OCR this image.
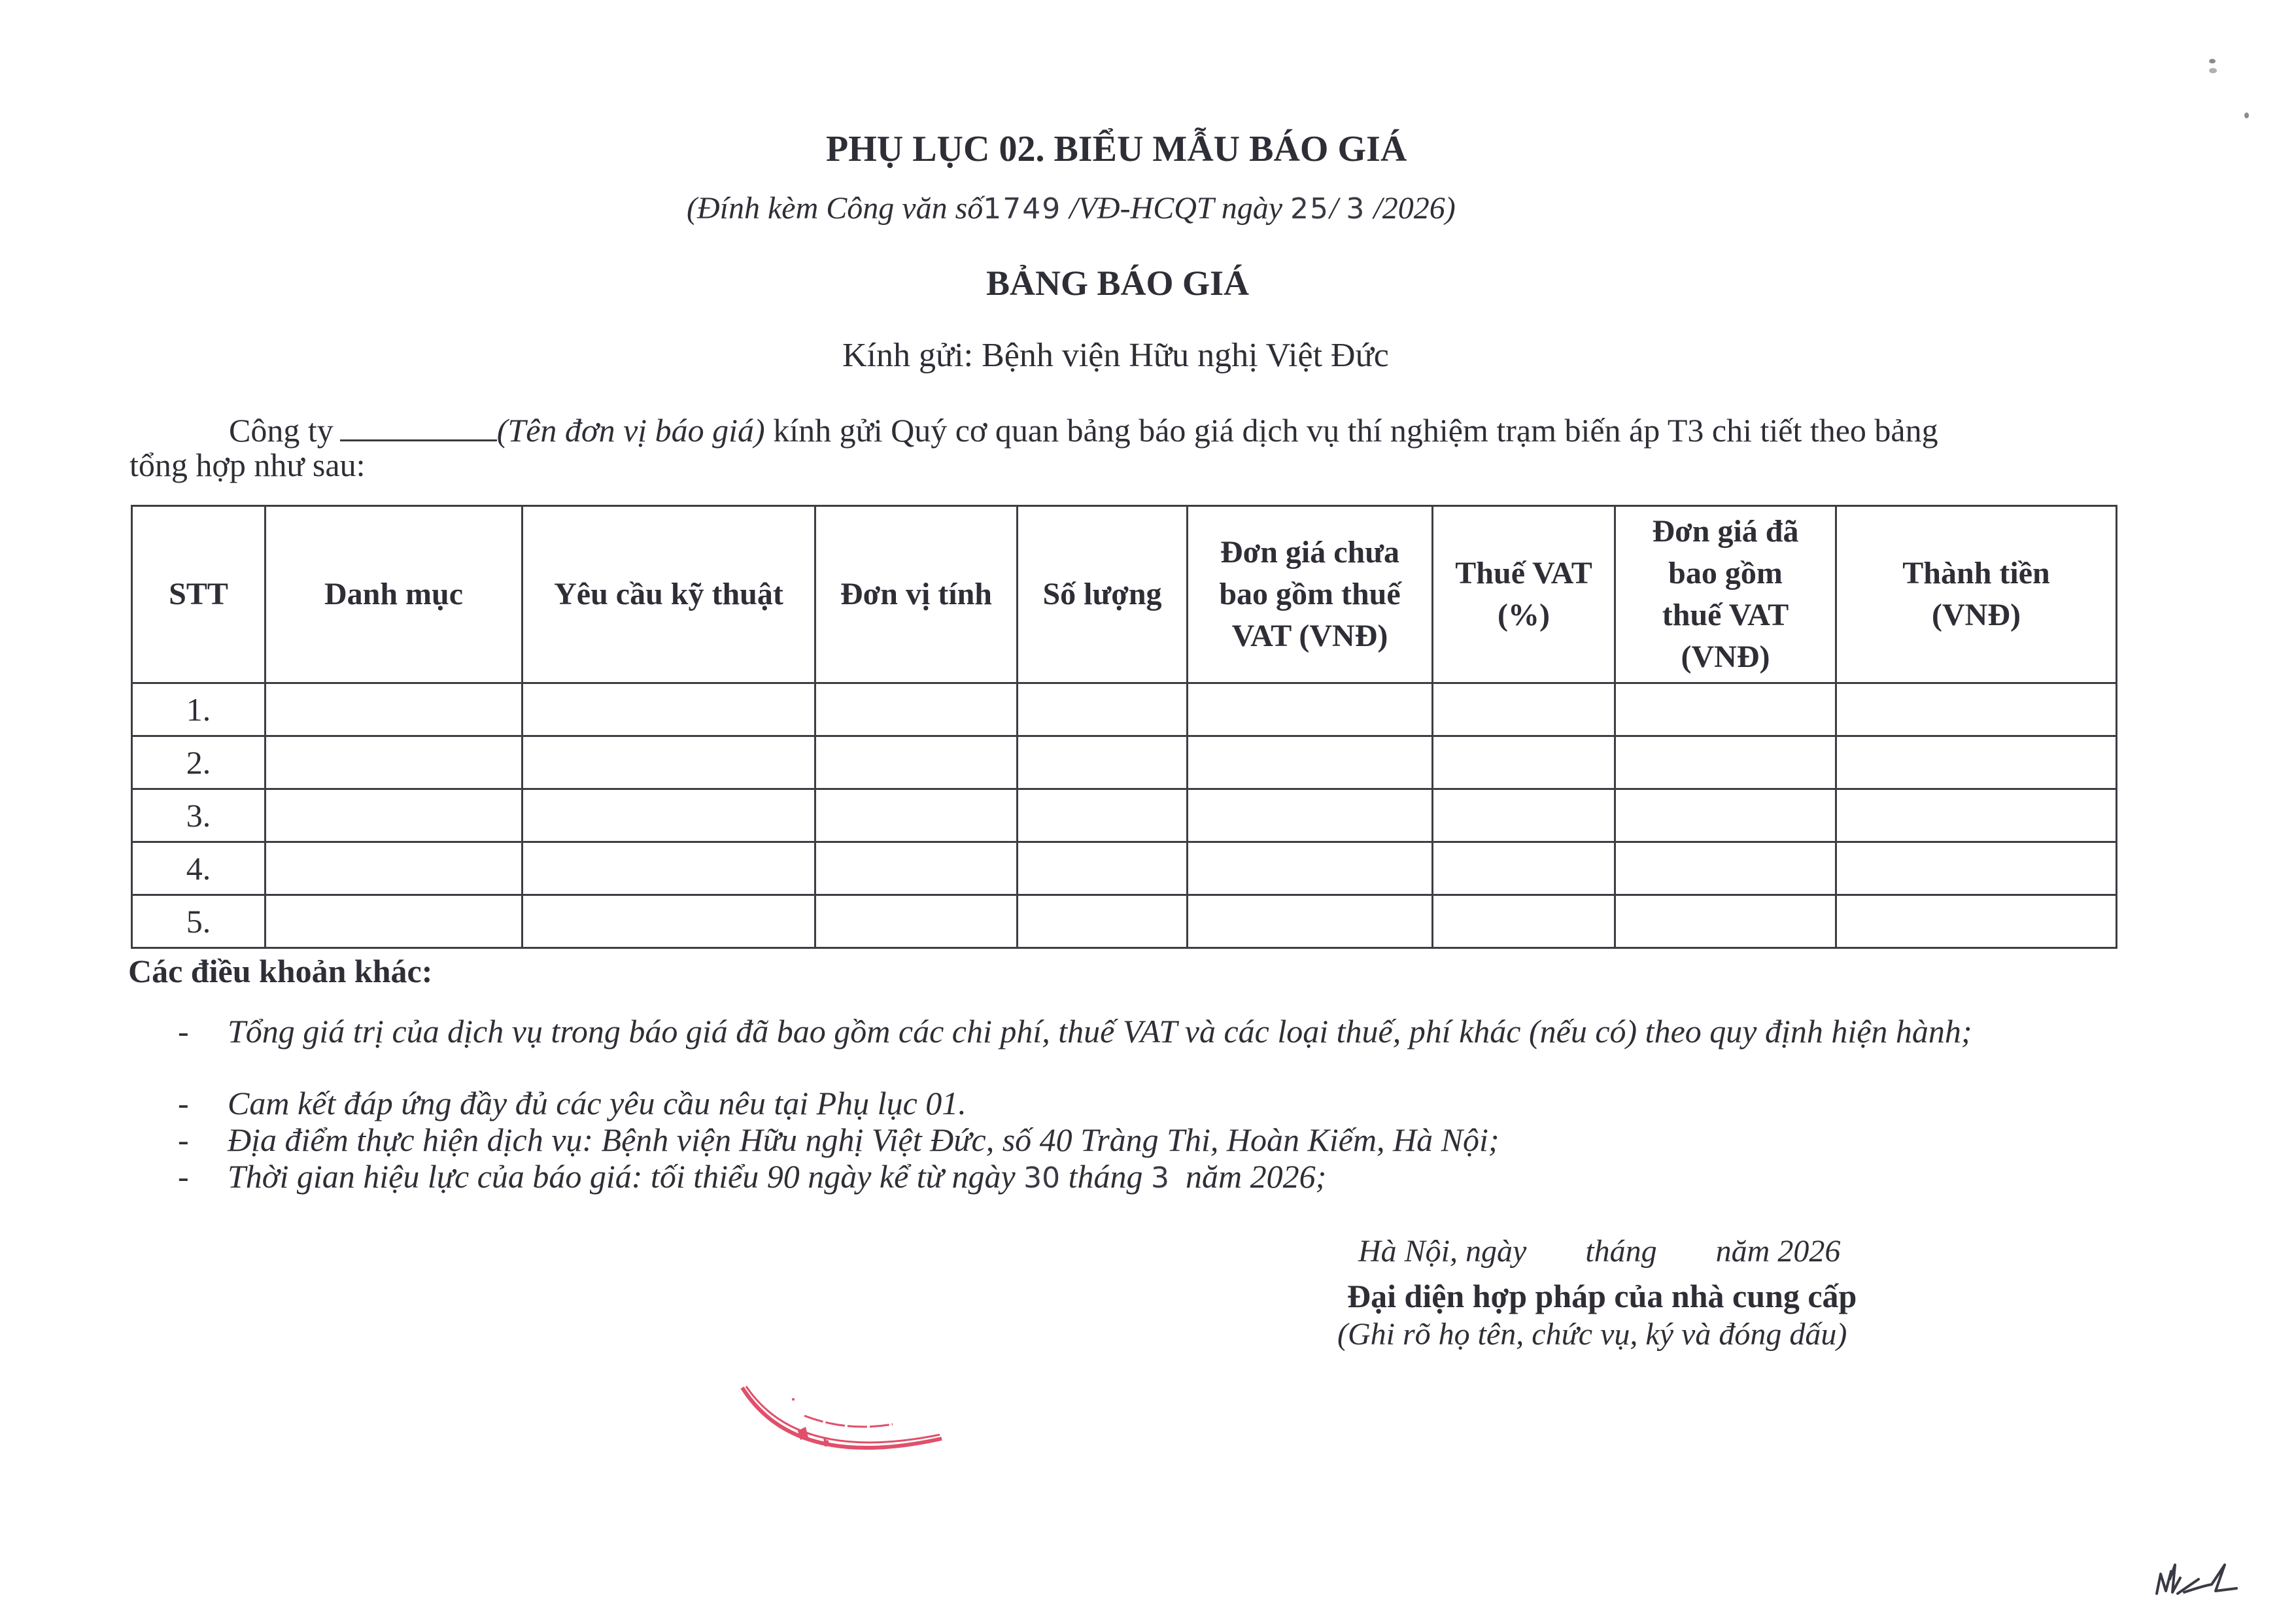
PHỤ LỤC 02. BIỂU MẪU BÁO GIÁ
(Đính kèm Công văn số1749 /VĐ-HCQT ngày 25/ 3 /2026)
BẢNG BÁO GIÁ
Kính gửi: Bệnh viện Hữu nghị Việt Đức
Công ty	(Tên đơn vị báo giá) kính gửi Quý cơ quan bảng báo giá dịch vụ thí nghiệm trạm biến áp T3 chi tiết theo bảng
tổng hợp như sau:
STT	Danh mục	Yêu cầu kỹ thuật	Đơn vị tính	Số lượng	Đơn giá chưa bao gồm thuế VAT (VNĐ)	Thuế VAT (%)	Đơn giá đã bao gồm thuế VAT (VNĐ)	Thành tiền (VNĐ)
1.								
2.								
3.								
4.								
5.								
Các điều khoản khác:
- Tổng giá trị của dịch vụ trong báo giá đã bao gồm các chi phí, thuế VAT và các loại thuế, phí khác (nếu có) theo quy định hiện hành;
- Cam kết đáp ứng đầy đủ các yêu cầu nêu tại Phụ lục 01.
- Địa điểm thực hiện dịch vụ: Bệnh viện Hữu nghị Việt Đức, số 40 Tràng Thi, Hoàn Kiếm, Hà Nội;
- Thời gian hiệu lực của báo giá: tối thiểu 90 ngày kể từ ngày 30 tháng 3  năm 2026;
Hà Nội, ngày tháng năm 2026
Đại diện hợp pháp của nhà cung cấp
(Ghi rõ họ tên, chức vụ, ký và đóng dấu)
